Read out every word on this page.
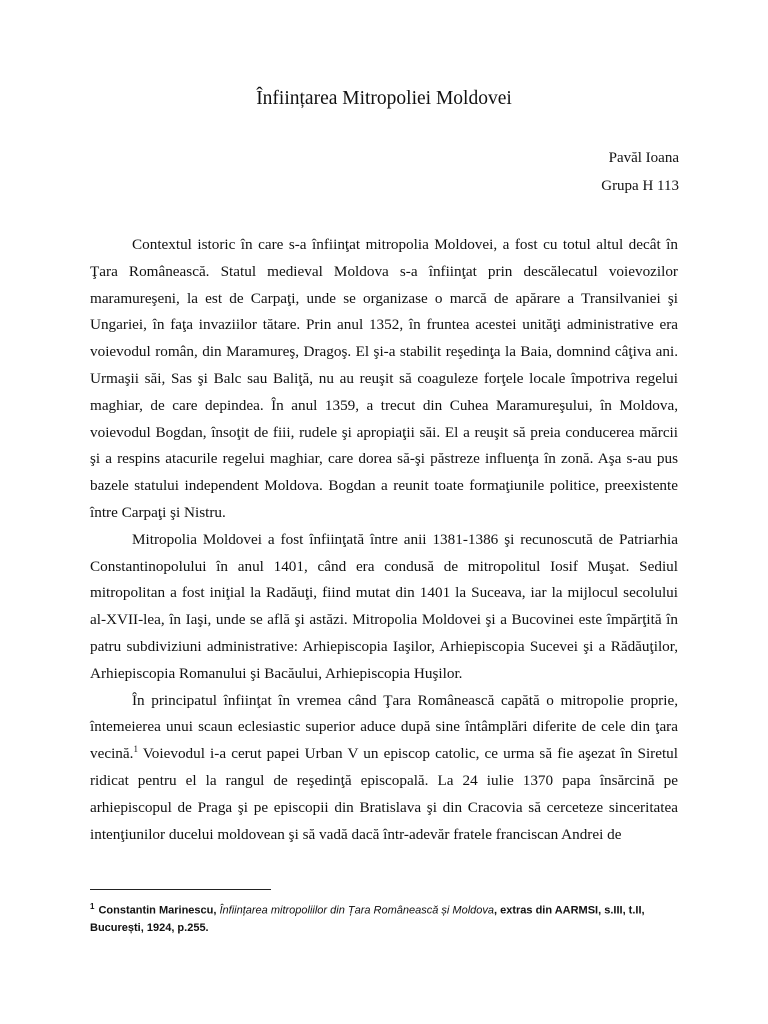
Înființarea Mitropoliei Moldovei
Pavăl Ioana
Grupa H 113

Contextul istoric în care s-a înfiinţat mitropolia Moldovei, a fost cu totul altul decât în Ţara Românească. Statul medieval Moldova s-a înfiinţat prin descălecatul voievozilor maramureşeni, la est de Carpaţi, unde se organizase o marcă de apărare a Transilvaniei şi Ungariei, în faţa invaziilor tătare. Prin anul 1352, în fruntea acestei unităţi administrative era voievodul român, din Maramureş, Dragoş. El şi-a stabilit reşedinţa la Baia, domnind câţiva ani. Urmaşii săi, Sas şi Balc sau Baliţă, nu au reuşit să coaguleze forţele locale împotriva regelui maghiar, de care depindea. În anul 1359, a trecut din Cuhea Maramureşului, în Moldova, voievodul Bogdan, însoţit de fiii, rudele şi apropiaţii săi. El a reuşit să preia conducerea mărcii şi a respins atacurile regelui maghiar, care dorea să-şi păstreze influenţa în zonă. Aşa s-au pus bazele statului independent Moldova. Bogdan a reunit toate formaţiunile politice, preexistente între Carpaţi şi Nistru.

Mitropolia Moldovei a fost înfiinţată între anii 1381-1386 şi recunoscută de Patriarhia Constantinopolului în anul 1401, când era condusă de mitropolitul Iosif Muşat. Sediul mitropolitan a fost iniţial la Radăuţi, fiind mutat din 1401 la Suceava, iar la mijlocul secolului al-XVII-lea, în Iaşi, unde se află şi astăzi. Mitropolia Moldovei şi a Bucovinei este împărţită în patru subdiviziuni administrative: Arhiepiscopia Iaşilor, Arhiepiscopia Sucevei şi a Rădăuţilor, Arhiepiscopia Romanului şi Bacăului, Arhiepiscopia Huşilor.

În principatul înfiinţat în vremea când Ţara Românească capătă o mitropolie proprie, întemeierea unui scaun eclesiastic superior aduce după sine întâmplări diferite de cele din ţara vecină.$^1$ Voievodul i-a cerut papei Urban V un episcop catolic, ce urma să fie aşezat în Siretul ridicat pentru el la rangul de reşedinţă episcopală. La 24 iulie 1370 papa însărcină pe arhiepiscopul de Praga şi pe episcopii din Bratislava şi din Cracovia să cerceteze sinceritatea intenţiunilor ducelui moldovean şi să vadă dacă într-adevăr fratele franciscan Andrei de

$^1$ Constantin Marinescu, Înființarea mitropoliilor din Țara Românească și Moldova, extras din AARMSI, s.III, t.II, București, 1924, p.255.
